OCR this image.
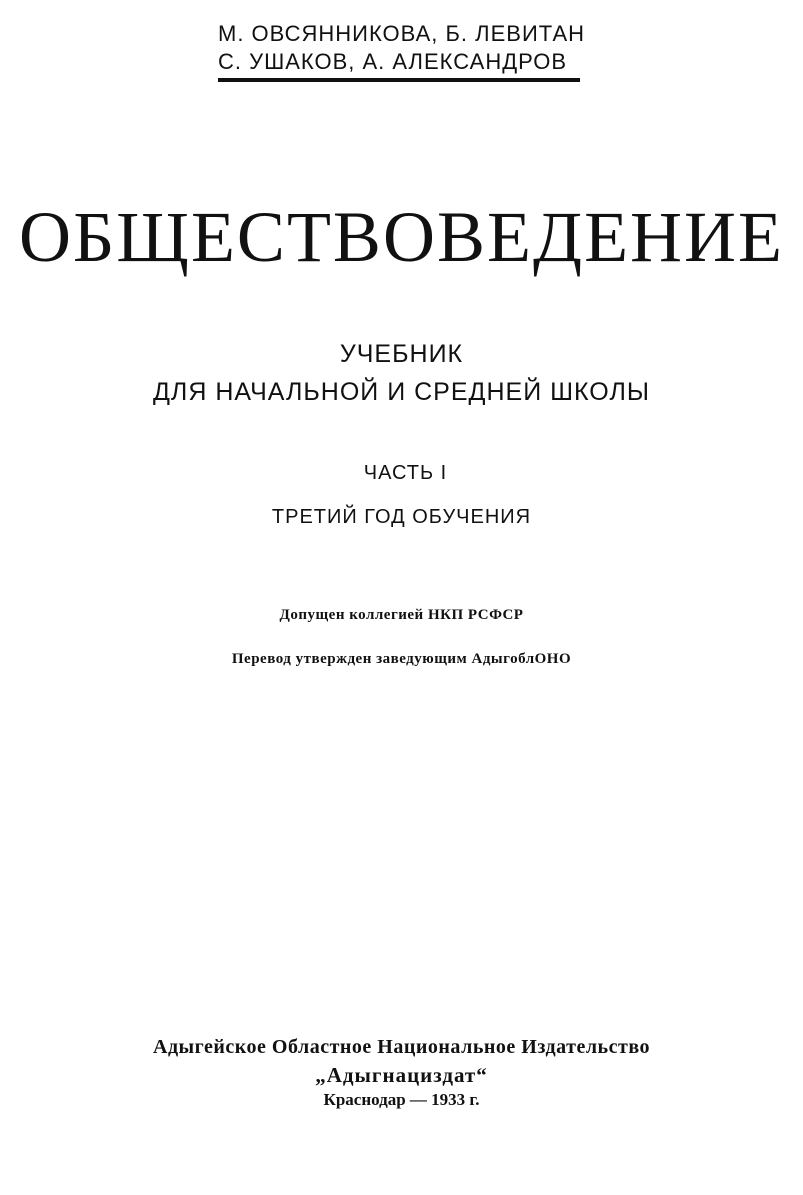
М. ОВСЯННИКОВА, Б. ЛЕВИТАН
С. УШАКОВ, А. АЛЕКСАНДРОВ
ОБЩЕСТВОВЕДЕНИЕ
УЧЕБНИК
ДЛЯ НАЧАЛЬНОЙ И СРЕДНЕЙ ШКОЛЫ
ЧАСТЬ I
ТРЕТИЙ ГОД ОБУЧЕНИЯ
Допущен коллегией НКП РСФСР
Перевод утвержден заведующим АдыгоблОНО
Адыгейское Областное Национальное Издательство
„Адыгнациздат“
Краснодар — 1933 г.
